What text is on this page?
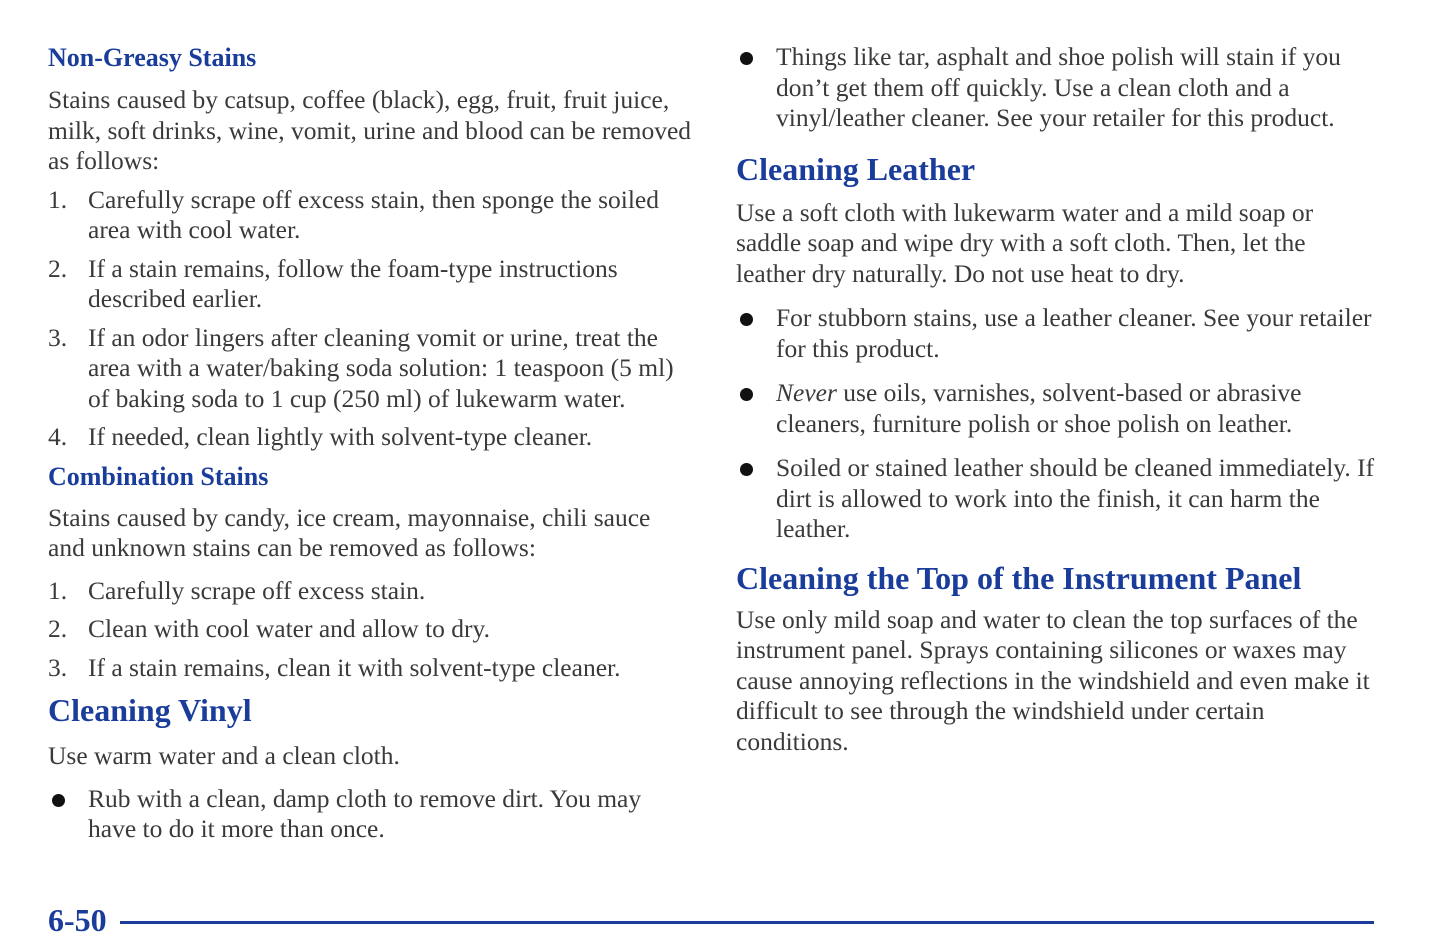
Non-Greasy Stains

Stains caused by catsup, coffee (black), egg, fruit, fruit juice, milk, soft drinks, wine, vomit, urine and blood can be removed as follows:

1. Carefully scrape off excess stain, then sponge the soiled area with cool water.
2. If a stain remains, follow the foam-type instructions described earlier.
3. If an odor lingers after cleaning vomit or urine, treat the area with a water/baking soda solution: 1 teaspoon (5 ml) of baking soda to 1 cup (250 ml) of lukewarm water.
4. If needed, clean lightly with solvent-type cleaner.
Combination Stains

Stains caused by candy, ice cream, mayonnaise, chili sauce and unknown stains can be removed as follows:

1. Carefully scrape off excess stain.
2. Clean with cool water and allow to dry.
3. If a stain remains, clean it with solvent-type cleaner.
Cleaning Vinyl

Use warm water and a clean cloth.

Rub with a clean, damp cloth to remove dirt. You may have to do it more than once.
Things like tar, asphalt and shoe polish will stain if you don’t get them off quickly. Use a clean cloth and a vinyl/leather cleaner. See your retailer for this product.
Cleaning Leather

Use a soft cloth with lukewarm water and a mild soap or saddle soap and wipe dry with a soft cloth. Then, let the leather dry naturally. Do not use heat to dry.

For stubborn stains, use a leather cleaner. See your retailer for this product.
Never use oils, varnishes, solvent-based or abrasive cleaners, furniture polish or shoe polish on leather.
Soiled or stained leather should be cleaned immediately. If dirt is allowed to work into the finish, it can harm the leather.
Cleaning the Top of the Instrument Panel

Use only mild soap and water to clean the top surfaces of the instrument panel. Sprays containing silicones or waxes may cause annoying reflections in the windshield and even make it difficult to see through the windshield under certain conditions.

6-50
